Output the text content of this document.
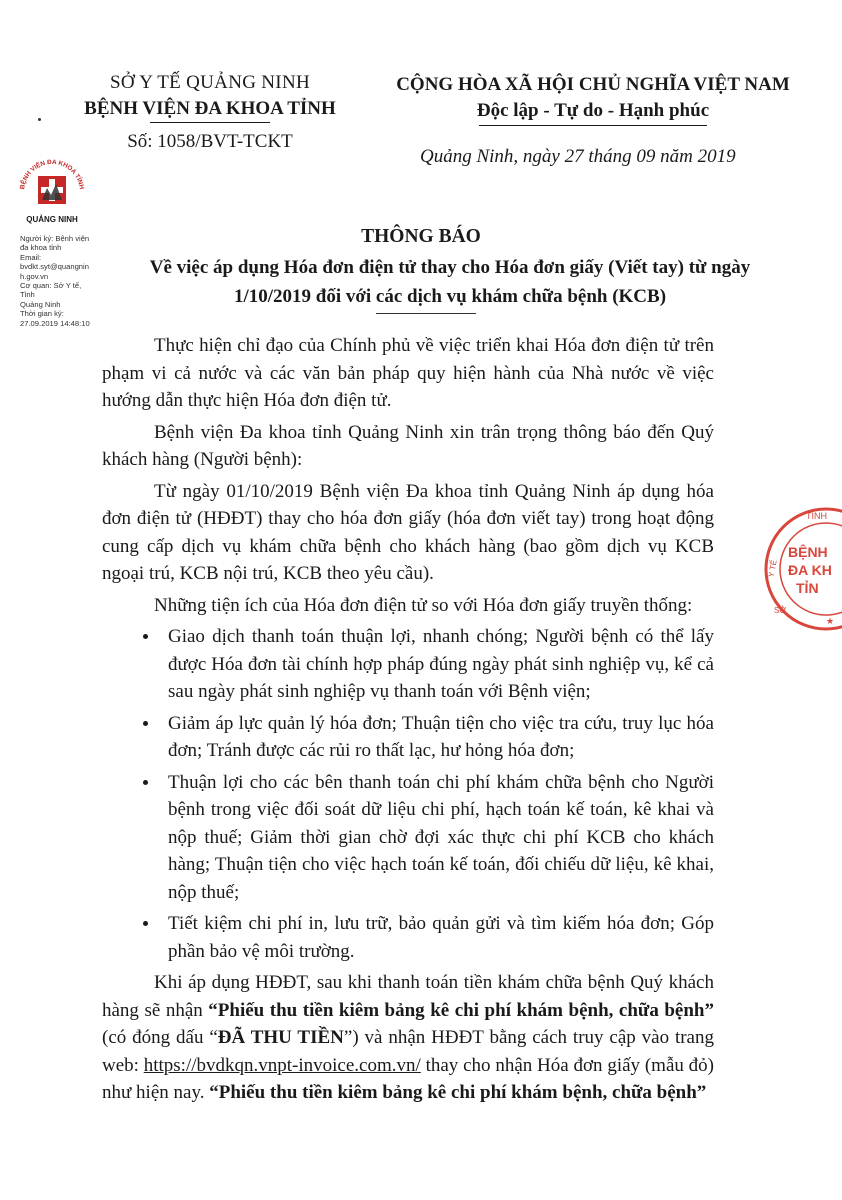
SỞ Y TẾ QUẢNG NINH
BỆNH VIỆN ĐA KHOA TỈNH
Số: 1058/BVT-TCKT
CỘNG HÒA XÃ HỘI CHỦ NGHĨA VIỆT NAM
Độc lập - Tự do - Hạnh phúc
Quảng Ninh, ngày 27 tháng 09 năm 2019
BỆNH VIỆN ĐA KHOA TỈNH
QUẢNG NINH
Người ký: Bệnh viện
đa khoa tỉnh
Email:
bvdkt.syt@quangnin
h.gov.vn
Cơ quan: Sở Y tế, Tỉnh
Quảng Ninh
Thời gian ký:
27.09.2019 14:48:10
THÔNG BÁO
Về việc áp dụng Hóa đơn điện tử thay cho Hóa đơn giấy (Viết tay) từ ngày
1/10/2019 đối với các dịch vụ khám chữa bệnh (KCB)

Thực hiện chỉ đạo của Chính phủ về việc triển khai Hóa đơn điện tử trên phạm vi cả nước và các văn bản pháp quy hiện hành của Nhà nước về việc hướng dẫn thực hiện Hóa đơn điện tử.

Bệnh viện Đa khoa tỉnh Quảng Ninh xin trân trọng thông báo đến Quý khách hàng (Người bệnh):

Từ ngày 01/10/2019 Bệnh viện Đa khoa tỉnh Quảng Ninh áp dụng hóa đơn điện tử (HĐĐT) thay cho hóa đơn giấy (hóa đơn viết tay) trong hoạt động cung cấp dịch vụ khám chữa bệnh cho khách hàng (bao gồm dịch vụ KCB ngoại trú, KCB nội trú, KCB theo yêu cầu).

Những tiện ích của Hóa đơn điện tử so với Hóa đơn giấy truyền thống:

• Giao dịch thanh toán thuận lợi, nhanh chóng; Người bệnh có thể lấy được Hóa đơn tài chính hợp pháp đúng ngày phát sinh nghiệp vụ, kể cả sau ngày phát sinh nghiệp vụ thanh toán với Bệnh viện;
• Giảm áp lực quản lý hóa đơn; Thuận tiện cho việc tra cứu, truy lục hóa đơn; Tránh được các rủi ro thất lạc, hư hỏng hóa đơn;
• Thuận lợi cho các bên thanh toán chi phí khám chữa bệnh cho Người bệnh trong việc đối soát dữ liệu chi phí, hạch toán kế toán, kê khai và nộp thuế; Giảm thời gian chờ đợi xác thực chi phí KCB cho khách hàng; Thuận tiện cho việc hạch toán kế toán, đối chiếu dữ liệu, kê khai, nộp thuế;
• Tiết kiệm chi phí in, lưu trữ, bảo quản gửi và tìm kiếm hóa đơn; Góp phần bảo vệ môi trường.

Khi áp dụng HĐĐT, sau khi thanh toán tiền khám chữa bệnh Quý khách hàng sẽ nhận “Phiếu thu tiền kiêm bảng kê chi phí khám bệnh, chữa bệnh” (có đóng dấu “ĐÃ THU TIỀN”) và nhận HĐĐT bằng cách truy cập vào trang web: https://bvdkqn.vnpt-invoice.com.vn/ thay cho nhận Hóa đơn giấy (mẫu đỏ) như hiện nay. “Phiếu thu tiền kiêm bảng kê chi phí khám bệnh, chữa bệnh”

TỈNH
Y TẾ
SỞ
BỆNH
ĐA KH
TỈN
★
